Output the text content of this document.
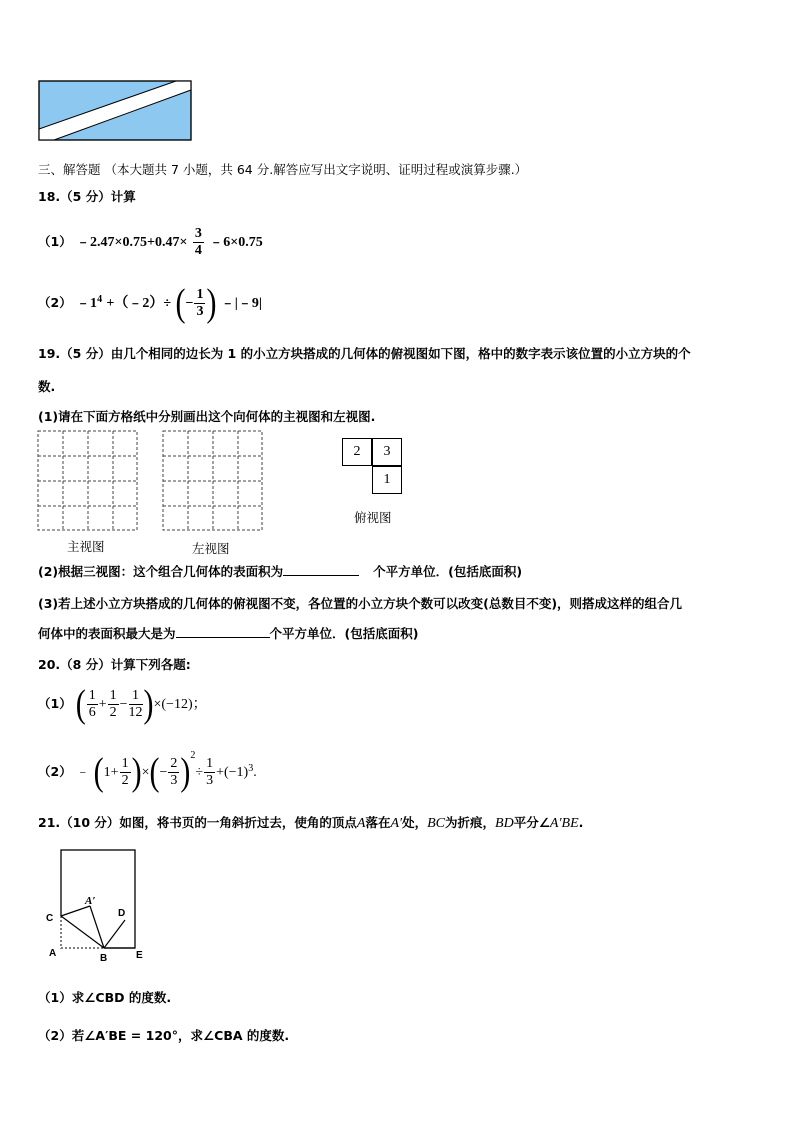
三、解答题 （本大题共 7 小题，共 64 分.解答应写出文字说明、证明过程或演算步骤.）
18.（5 分）计算
（1） ﹣2.47×0.75+0.47× $\frac{3}{4}$ ﹣6×0.75
（2） $﹣1^4$ +（﹣2）÷ (− $\frac{1}{3}$ ) ﹣|﹣9|
19.（5 分）由几个相同的边长为 1 的小立方块搭成的几何体的俯视图如下图，格中的数字表示该位置的小立方块的个
数.
(1)请在下面方格纸中分别画出这个向何体的主视图和左视图.
主视图	左视图
2	3
1
俯视图
(2)根据三视图：这个组合几何体的表面积为	个平方单位．(包括底面积)
(3)若上述小立方块搭成的几何体的俯视图不变，各位置的小立方块个数可以改变(总数目不变)，则搭成这样的组合几
何体中的表面积最大是为	个平方单位．(包括底面积)
20.（8 分）计算下列各题:
（1） ( $\frac{1}{6} + \frac{1}{2} - \frac{1}{12} )\times(-12)$；
（2） ﹣ ($1+ \frac{1}{2}$ )×(− $\frac{2}{3} )^2\div \frac{1}{3} +(-1)^3$.
21.（10 分）如图，将书页的一角斜折过去，使角的顶点A落在A′处，BC为折痕，BD平分∠A′BE.
C
A′
D
A	B	E
（1）求∠CBD 的度数.
（2）若∠A′BE = 120°，求∠CBA 的度数.
